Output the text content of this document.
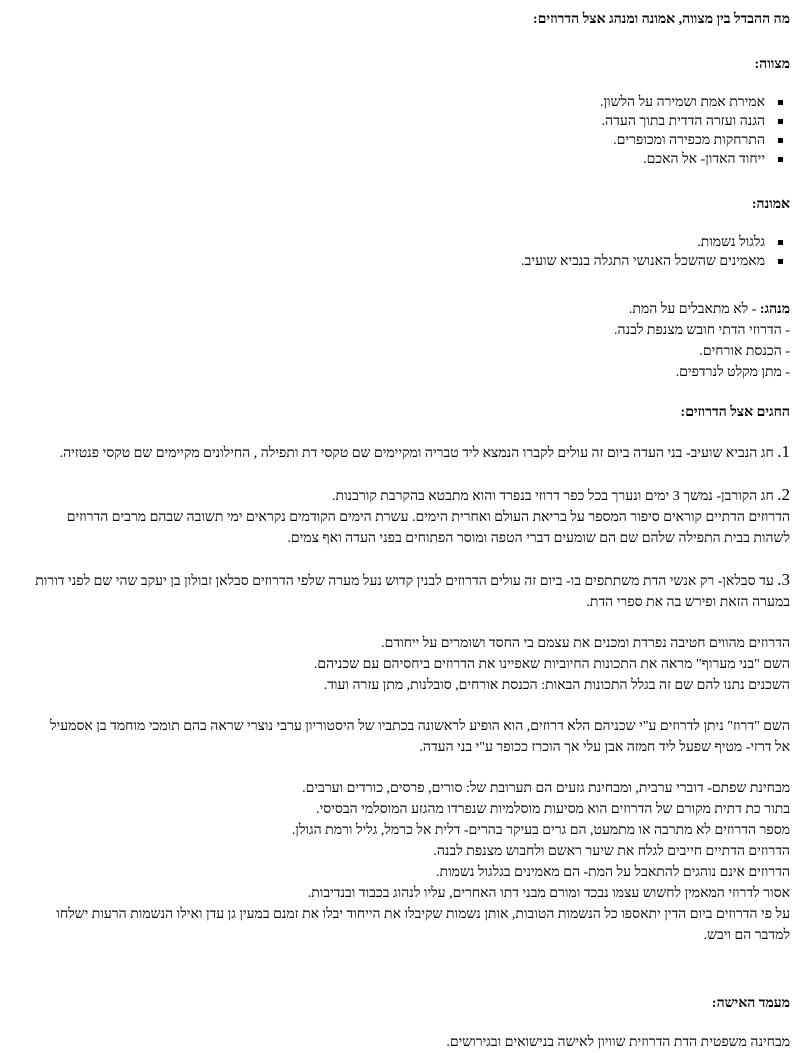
מה ההבדל בין מצווה, אמונה ומנהג אצל הדרוזים:
מצווה:
אמירת אמת ושמירה על הלשון.
הגנה ועזרה הדדית בתוך העדה.
התרחקות מכפירה ומכופרים.
ייחוד האדון- אל האכם.
אמונה:
גלגול נשמות.
מאמינים שהשכל האנושי התגלה בנביא שועיב.
מנהג: - לא מתאבלים על המת.
- הדרוזי הדתי חובש מצנפת לבנה.
- הכנסת אורחים.
- מתן מקלט לנרדפים.
החגים אצל הדרוזים:
1. חג הנביא שועיב- בני העדה ביום זה עולים לקברו הנמצא ליד טבריה ומקיימים שם טקסי דת ותפילה , החילונים מקיימים שם טקסי פנטזיה.
2. חג הקורבן- נמשך 3 ימים ונערך בכל כפר דרוזי בנפרד והוא מתבטא בהקרבת קורבנות.
הדרוזים הדתיים קוראים סיפור המספר על בריאת העולם ואחרית הימים. עשרת הימים הקודמים נקראים ימי תשובה שבהם מרבים הדרוזים לשהות בבית התפילה שלהם שם הם שומעים דברי הטפה ומוסר הפתוחים בפני העדה ואף צמים.
3. עד סבלאן- רק אנשי הדת משתתפים בו- ביום זה עולים הדרוזים לבנין קדוש נעל מערה שלפי הדרוזים סבלאן זבולון בן יעקב שהי שם לפני דורות במערה הזאת ופירש בה את ספרי הדת.
הדרוזים מהווים חטיבה נפרדת ומכנים את עצמם בי החסד ושומרים על ייחודם.
השם "בני מערוף" מראה את התכונות החיוביות שאפיינו את הדרוזים ביחסיהם עם שכניהם.
השכנים נתנו להם שם זה בגלל התכונות הבאות: הכנסת אורחים, סובלנות, מתן עזרה ועוד.
השם "דרוז" ניתן לדרוזים ע"י שכניהם הלא דרוזים, הוא הופיע לראשונה בכתביו של היסטוריון ערבי נוצרי שראה בהם תומכי מוחמד בן אסמעיל אל דרזי- מטיף שפעל ליד חמזה אבן עלי אך הוכרז ככופר ע"י בני העדה.
מבחינת שפתם- דוברי ערבית, ומבחינת גזעים הם תערובת של: סורים, פרסים, כורדים וערבים.
בתור כת דתית מקורם של הדרוזים הוא מסיעות מוסלמיות שנפרדו מהגזע המוסלמי הבסיסי.
מספר הדרוזים לא מתרבה או מתמעט, הם גרים בעיקר בהרים- דלית אל כרמל, גליל ורמת הגולן.
הדרוזים הדתיים חייבים לגלח את שיער ראשם ולחבוש מצנפת לבנה.
הדרוזים אינם נוהגים להתאבל על המת- הם מאמינים בגלגול נשמות.
אסור לדרוזי המאמין לחשוש עצמו נבכד ומורם מבני דתו האחרים, עליו לנהוג בכבוד ובנדיבות.
על פי הדרוזים ביום הדין יתאספו כל הנשמות הטובות, אותן נשמות שקיבלו את הייחוד יבלו את זמנם במעין גן עדן ואילו הנשמות הרעות ישלחו למדבר הם ויבש.
מעמד האישה:
מבחינה משפטית הדת הדרוזית שוויון לאישה בנישואים ובגירושים.
